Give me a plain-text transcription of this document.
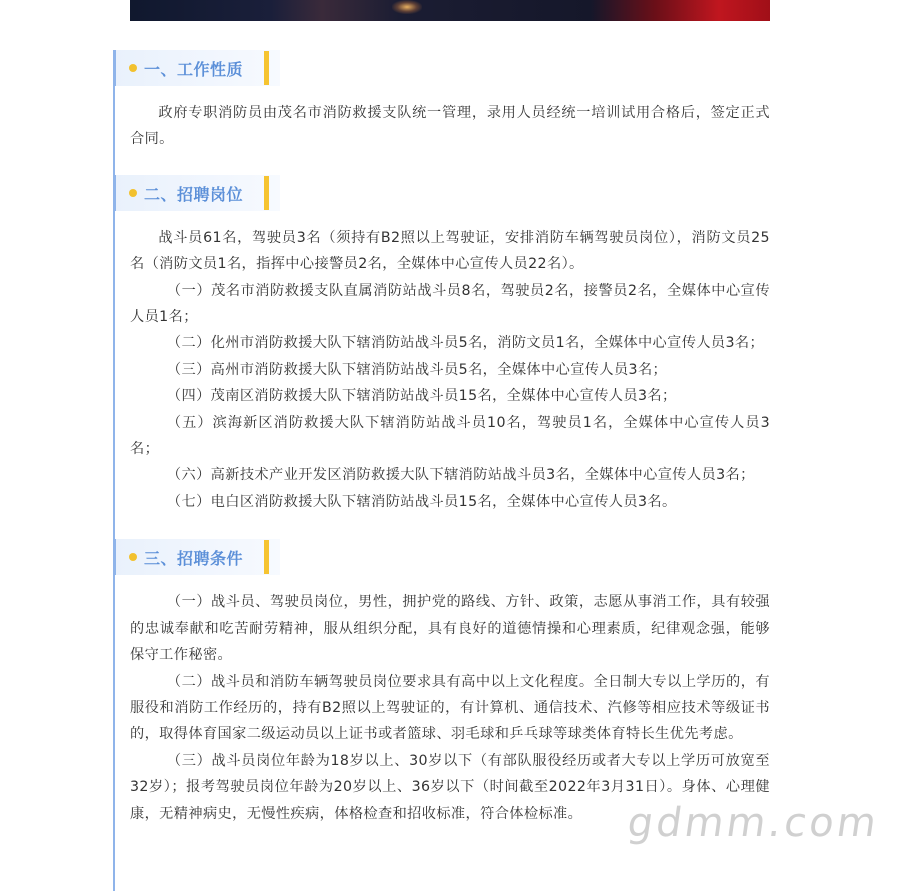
一、工作性质

政府专职消防员由茂名市消防救援支队统一管理，录用人员经统一培训试用合格后，签定正式合同。

二、招聘岗位

战斗员61名，驾驶员3名（须持有B2照以上驾驶证，安排消防车辆驾驶员岗位），消防文员25名（消防文员1名，指挥中心接警员2名，全媒体中心宣传人员22名）。

（一）茂名市消防救援支队直属消防站战斗员8名，驾驶员2名，接警员2名，全媒体中心宣传人员1名；

（二）化州市消防救援大队下辖消防站战斗员5名，消防文员1名，全媒体中心宣传人员3名；

（三）高州市消防救援大队下辖消防站战斗员5名，全媒体中心宣传人员3名；

（四）茂南区消防救援大队下辖消防站战斗员15名，全媒体中心宣传人员3名；

（五）滨海新区消防救援大队下辖消防站战斗员10名，驾驶员1名，全媒体中心宣传人员3名；

（六）高新技术产业开发区消防救援大队下辖消防站战斗员3名，全媒体中心宣传人员3名；

（七）电白区消防救援大队下辖消防站战斗员15名，全媒体中心宣传人员3名。

三、招聘条件

（一）战斗员、驾驶员岗位，男性，拥护党的路线、方针、政策，志愿从事消工作，具有较强的忠诚奉献和吃苦耐劳精神，服从组织分配，具有良好的道德情操和心理素质，纪律观念强，能够保守工作秘密。

（二）战斗员和消防车辆驾驶员岗位要求具有高中以上文化程度。全日制大专以上学历的，有服役和消防工作经历的，持有B2照以上驾驶证的，有计算机、通信技术、汽修等相应技术等级证书的，取得体育国家二级运动员以上证书或者篮球、羽毛球和乒乓球等球类体育特长生优先考虑。

（三）战斗员岗位年龄为18岁以上、30岁以下（有部队服役经历或者大专以上学历可放宽至32岁）；报考驾驶员岗位年龄为20岁以上、36岁以下（时间截至2022年3月31日）。身体、心理健康，无精神病史，无慢性疾病，体格检查和招收标准，符合体检标准。	gdmm.com
